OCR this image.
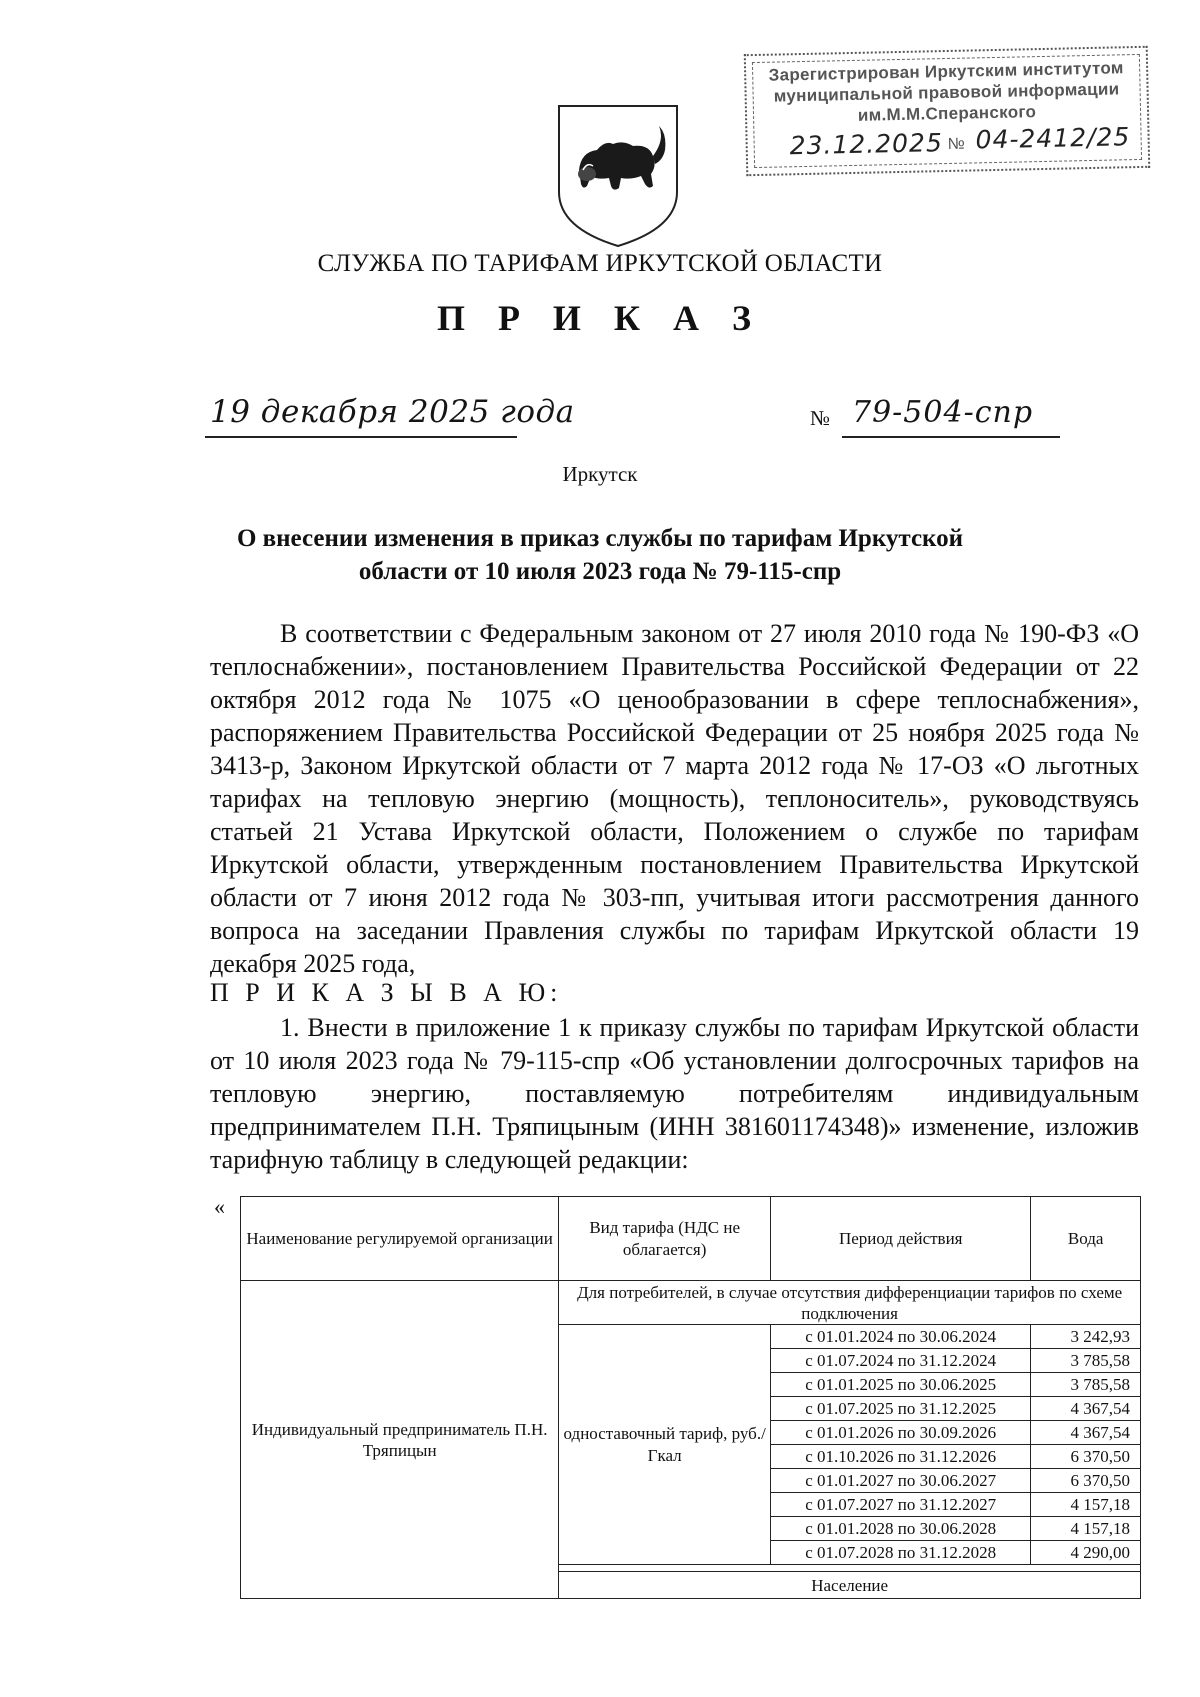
Зарегистрирован Иркутским институтом
муниципальной правовой информации
им.М.М.Сперанского
23.12.2025 № 04-2412/25
СЛУЖБА ПО ТАРИФАМ ИРКУТСКОЙ ОБЛАСТИ
П Р И К А З
19 декабря 2025 года	№ 79-504-спр
Иркутск
О внесении изменения в приказ службы по тарифам Иркутской области от 10 июля 2023 года № 79-115-спр
В соответствии с Федеральным законом от 27 июля 2010 года № 190-ФЗ «О теплоснабжении», постановлением Правительства Российской Федерации от 22 октября 2012 года № 1075 «О ценообразовании в сфере теплоснабжения», распоряжением Правительства Российской Федерации от 25 ноября 2025 года № 3413-р, Законом Иркутской области от 7 марта 2012 года № 17-ОЗ «О льготных тарифах на тепловую энергию (мощность), теплоноситель», руководствуясь статьей 21 Устава Иркутской области, Положением о службе по тарифам Иркутской области, утвержденным постановлением Правительства Иркутской области от 7 июня 2012 года № 303-пп, учитывая итоги рассмотрения данного вопроса на заседании Правления службы по тарифам Иркутской области 19 декабря 2025 года,
П Р И К А З Ы В А Ю:
1. Внести в приложение 1 к приказу службы по тарифам Иркутской области от 10 июля 2023 года № 79-115-спр «Об установлении долгосрочных тарифов на тепловую энергию, поставляемую потребителям индивидуальным предпринимателем П.Н. Тряпицыным (ИНН 381601174348)» изменение, изложив тарифную таблицу в следующей редакции:
«
Наименование регулируемой организации	Вид тарифа (НДС не облагается)	Период действия	Вода
Индивидуальный предприниматель П.Н. Тряпицын	Для потребителей, в случае отсутствия дифференциации тарифов по схеме подключения		
	одноставочный тариф, руб./Гкал	с 01.01.2024 по 30.06.2024	3 242,93
		с 01.07.2024 по 31.12.2024	3 785,58
		с 01.01.2025 по 30.06.2025	3 785,58
		с 01.07.2025 по 31.12.2025	4 367,54
		с 01.01.2026 по 30.09.2026	4 367,54
		с 01.10.2026 по 31.12.2026	6 370,50
		с 01.01.2027 по 30.06.2027	6 370,50
		с 01.07.2027 по 31.12.2027	4 157,18
		с 01.01.2028 по 30.06.2028	4 157,18
		с 01.07.2028 по 31.12.2028	4 290,00

	Население		
